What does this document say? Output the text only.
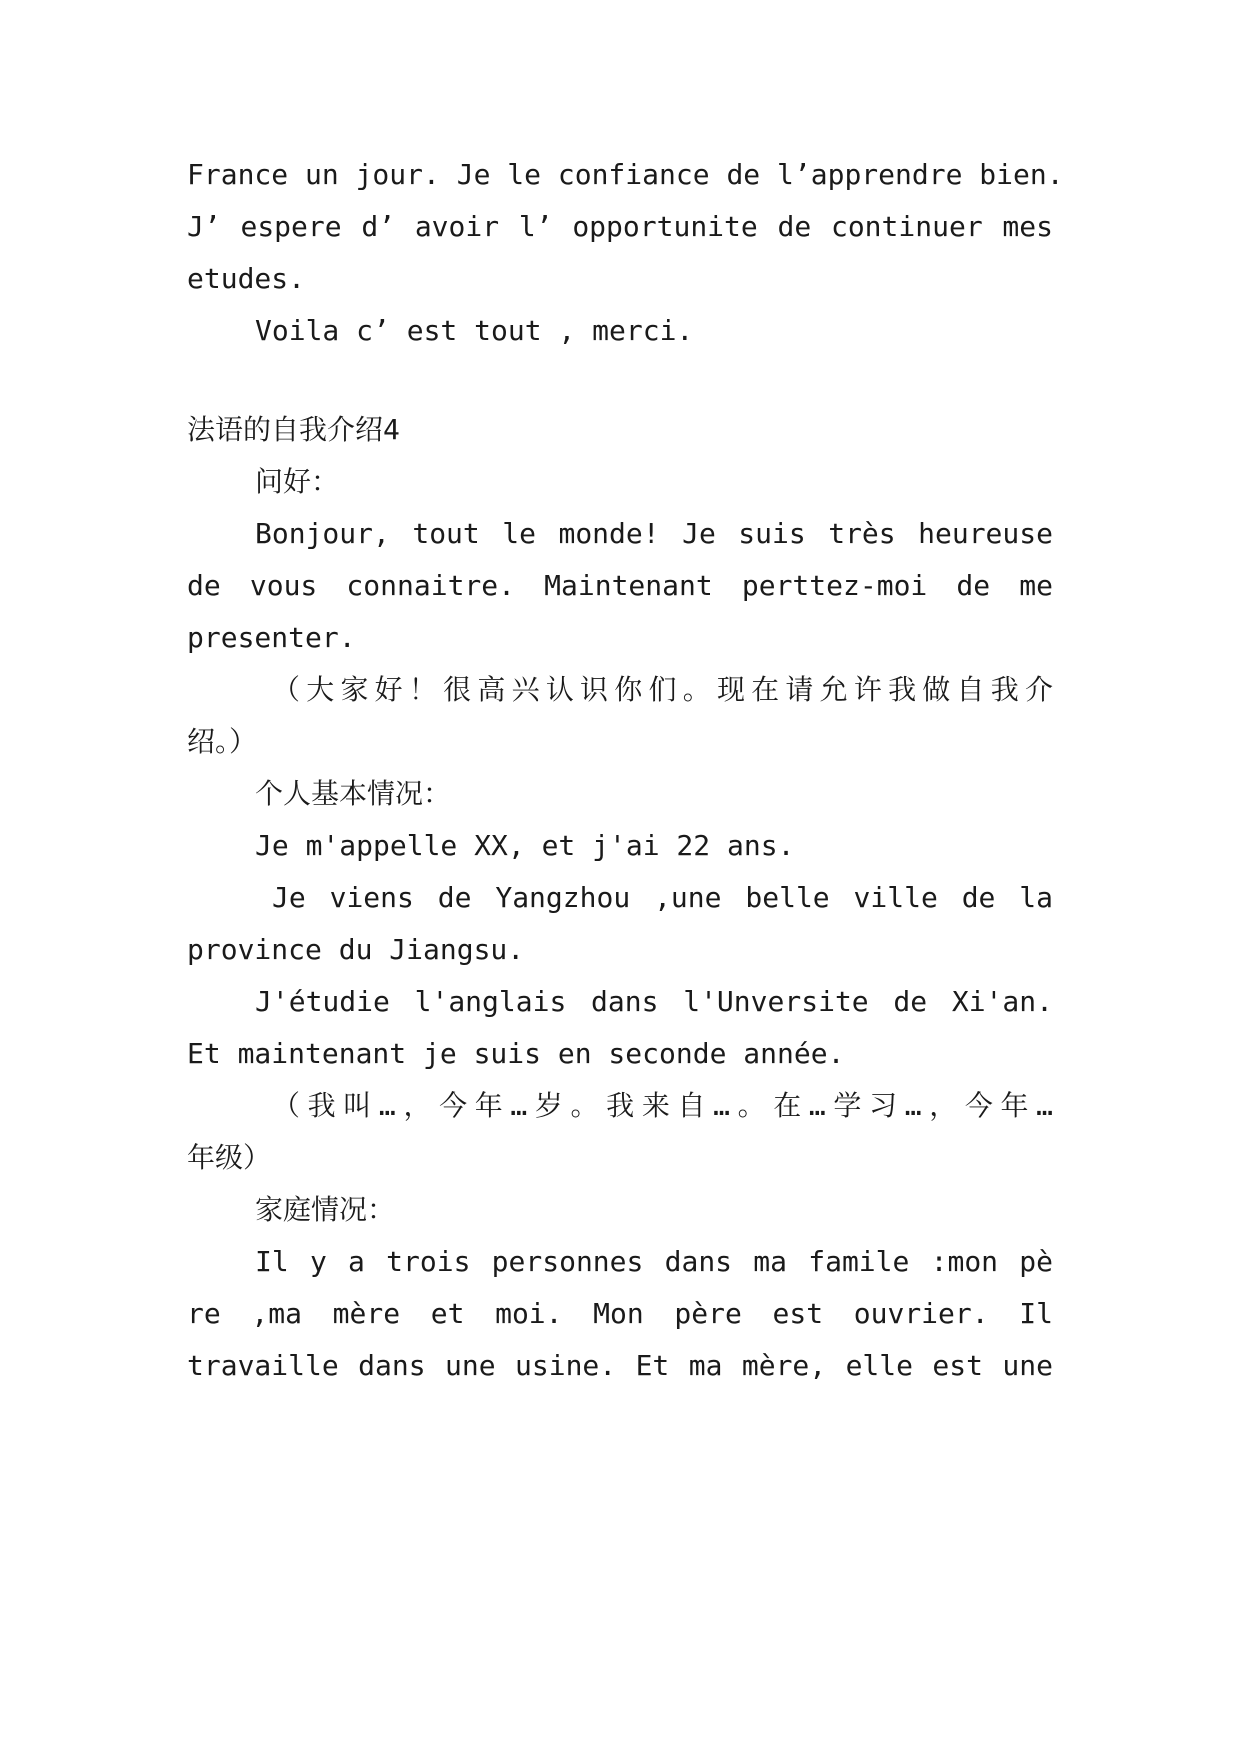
France un jour. Je le confiance de l’apprendre bien.
J’ espere d’ avoir l’ opportunite de continuer mes
etudes.
Voila c’ est tout , merci.
法语的自我介绍4
问好：
Bonjour, tout le monde! Je suis très heureuse
de vous connaitre. Maintenant perttez-moi de me
presenter.
（大家好！很高兴认识你们。现在请允许我做自我介
绍。）
个人基本情况：
Je m'appelle XX, et j'ai 22 ans.
Je viens de Yangzhou ,une belle ville de la
province du Jiangsu.
J'étudie l'anglais dans l'Unversite de Xi'an.
Et maintenant je suis en seconde année.
（我叫…，今年…岁。我来自…。在…学习…，今年…
年级）
家庭情况：
Il y a trois personnes dans ma famile :mon pè
re ,ma mère et moi. Mon père est ouvrier. Il
travaille dans une usine. Et ma mère, elle est une
